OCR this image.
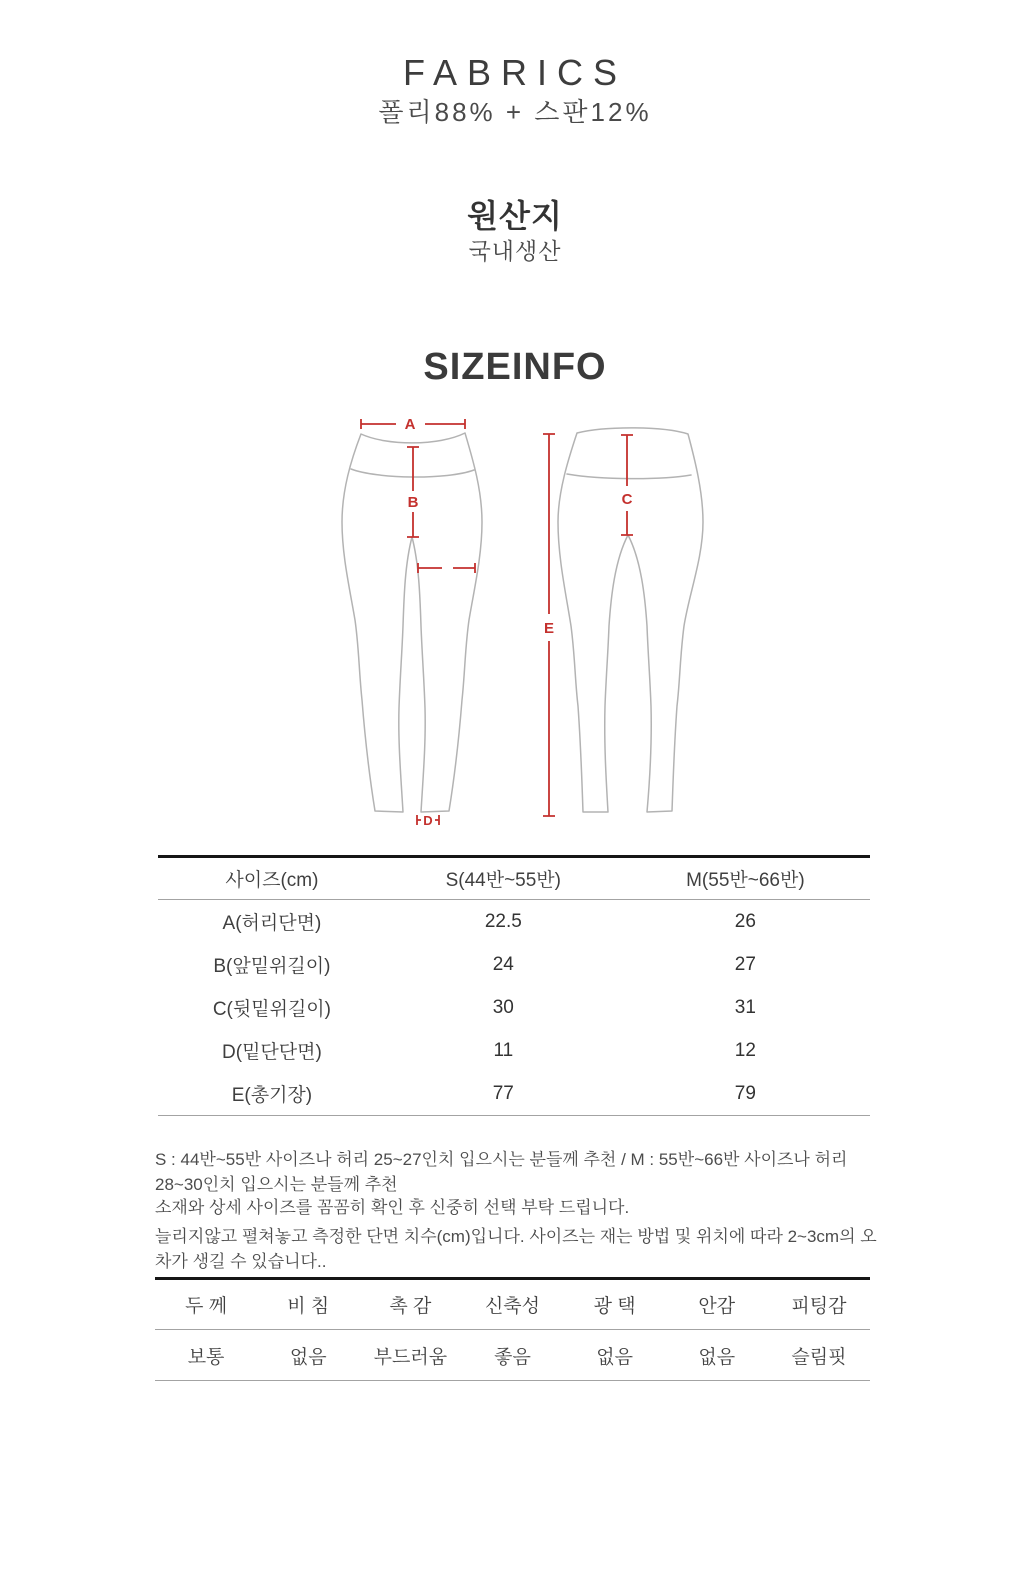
FABRICS
폴리88% + 스판12%
원산지
국내생산
SIZEINFO
A
B	C
D
E
사이즈(cm)	S(44반~55반)	M(55반~66반)
A(허리단면)	22.5	26
B(앞밑위길이)	24	27
C(뒷밑위길이)	30	31
D(밑단단면)	11	12
E(총기장)	77	79
S : 44반~55반 사이즈나 허리 25~27인치 입으시는 분들께 추천 / M : 55반~66반 사이즈나 허리 28~30인치 입으시는 분들께 추천
소재와 상세 사이즈를 꼼꼼히 확인 후 신중히 선택 부탁 드립니다.
늘리지않고 펼쳐놓고 측정한 단면 치수(cm)입니다. 사이즈는 재는 방법 및 위치에 따라 2~3cm의 오차가 생길 수 있습니다..
두 께	비 침	촉 감	신축성	광 택	안감	피팅감
보통	없음	부드러움	좋음	없음	없음	슬림핏
